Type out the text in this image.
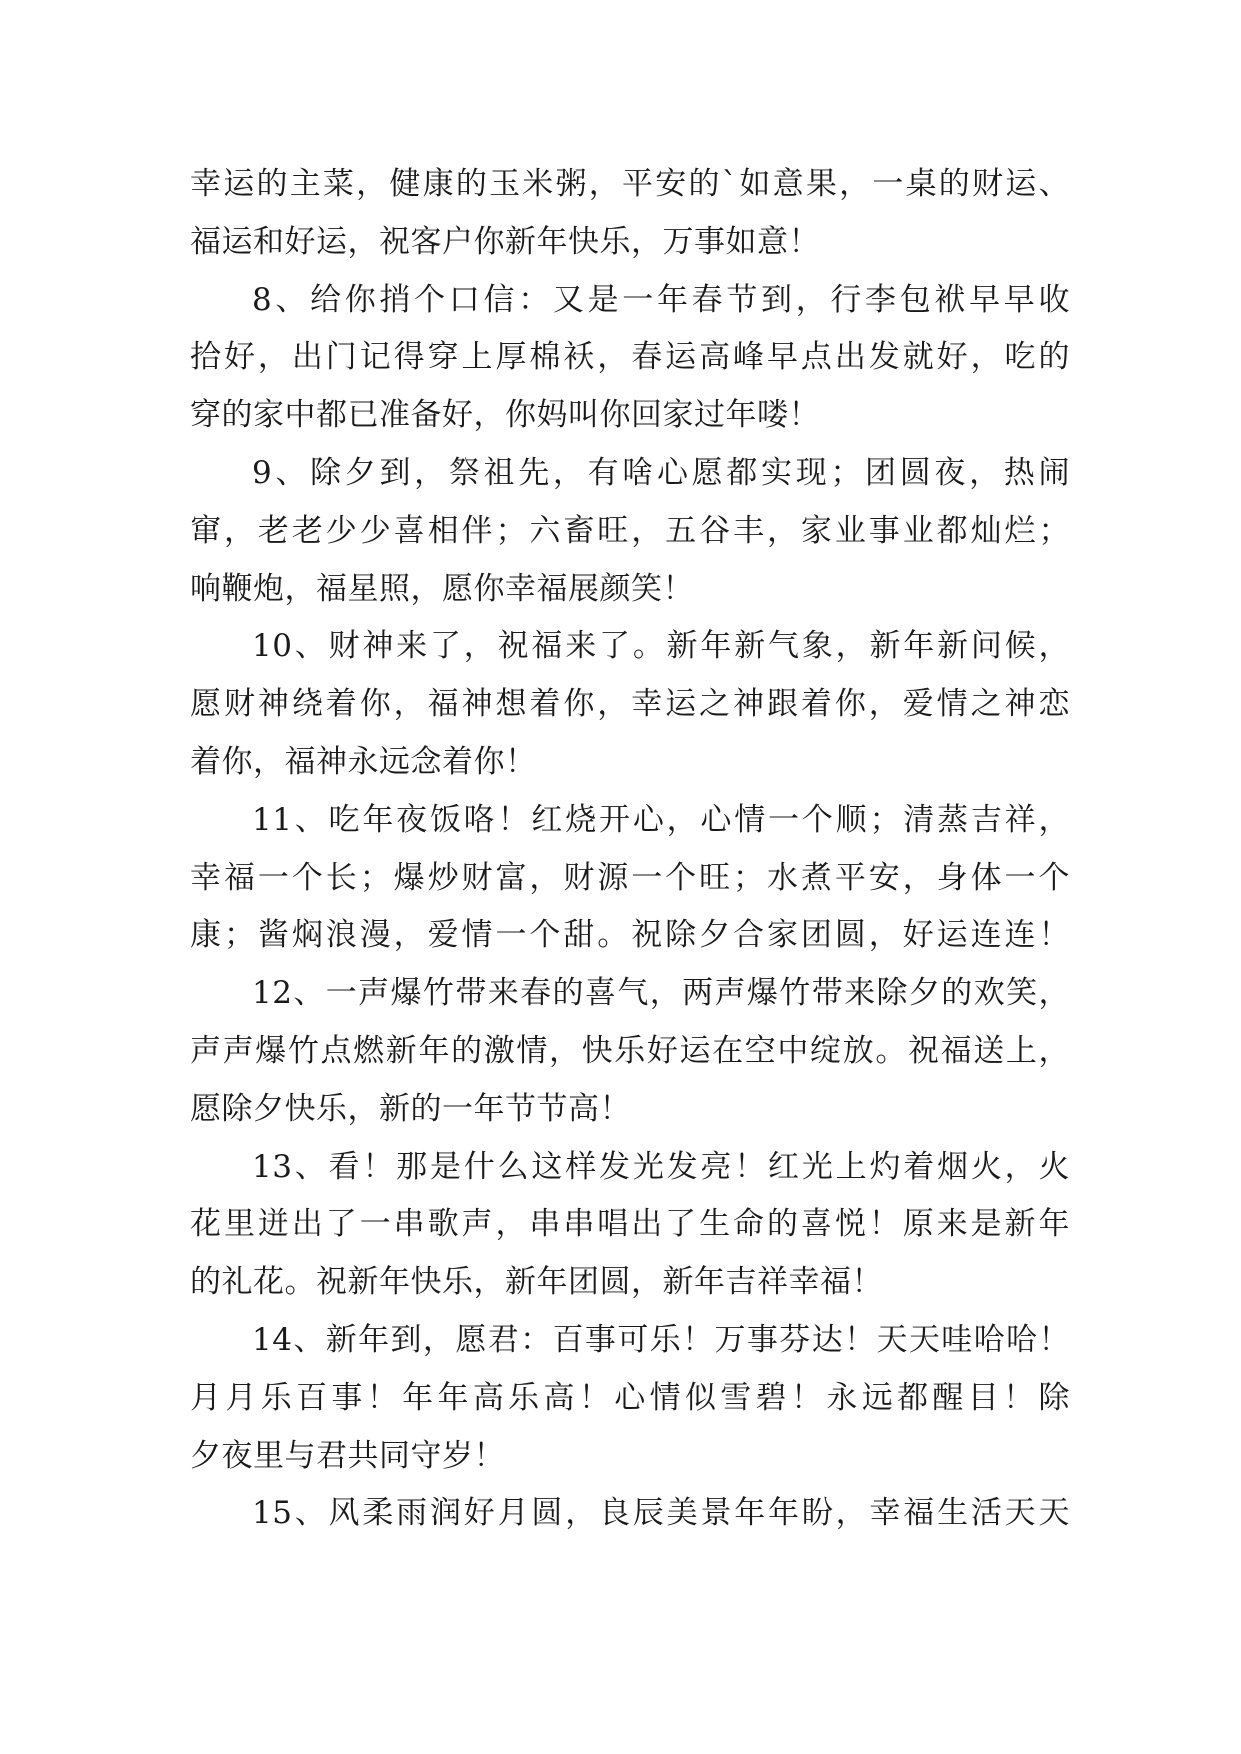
幸运的主菜，健康的玉米粥，平安的`如意果，一桌的财运、
福运和好运，祝客户你新年快乐，万事如意！
8、给你捎个口信：又是一年春节到，行李包袱早早收
拾好，出门记得穿上厚棉袄，春运高峰早点出发就好，吃的
穿的家中都已准备好，你妈叫你回家过年喽！
9、除夕到，祭祖先，有啥心愿都实现；团圆夜，热闹
窜，老老少少喜相伴；六畜旺，五谷丰，家业事业都灿烂；
响鞭炮，福星照，愿你幸福展颜笑！
10、财神来了，祝福来了。新年新气象，新年新问候，
愿财神绕着你，福神想着你，幸运之神跟着你，爱情之神恋
着你，福神永远念着你！
11、吃年夜饭咯！红烧开心，心情一个顺；清蒸吉祥，
幸福一个长；爆炒财富，财源一个旺；水煮平安，身体一个
康；酱焖浪漫，爱情一个甜。祝除夕合家团圆，好运连连！
12、一声爆竹带来春的喜气，两声爆竹带来除夕的欢笑，
声声爆竹点燃新年的激情，快乐好运在空中绽放。祝福送上，
愿除夕快乐，新的一年节节高！
13、看！那是什么这样发光发亮！红光上灼着烟火，火
花里迸出了一串歌声，串串唱出了生命的喜悦！原来是新年
的礼花。祝新年快乐，新年团圆，新年吉祥幸福！
14、新年到，愿君：百事可乐！万事芬达！天天哇哈哈！
月月乐百事！年年高乐高！心情似雪碧！永远都醒目！除
夕夜里与君共同守岁！
15、风柔雨润好月圆，良辰美景年年盼，幸福生活天天
